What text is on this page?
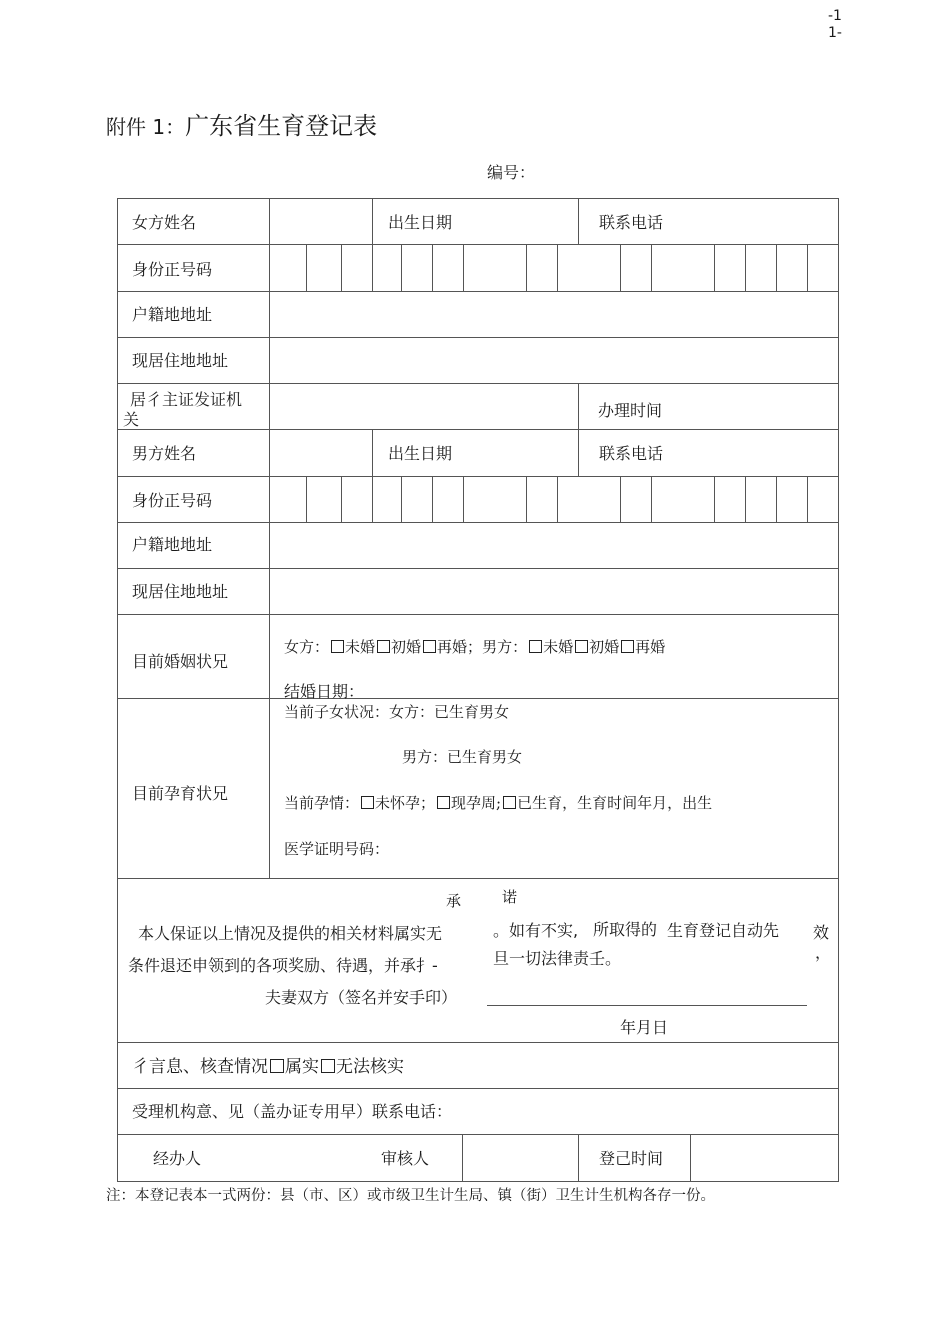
-1
1-
附件 1：广东省生育登记表
编号：
女方姓名	出生日期	联系电话
身份正号码
户籍地地址
现居住地地址
居彳主证发证机
关	办理时间
男方姓名	出生日期	联系电话
身份正号码
户籍地地址
现居住地地址
目前婚姻状兄
女方： 未婚 初婚 再婚；男方： 未婚 初婚 再婚
结婚日期：
目前孕育状兄
当前子女状况：女方：已生育男女
男方：已生育男女
当前孕情： 未怀孕； 现孕周; 已生育，生育时间年月，出生
医学证明号码：
承	诺
本人保证以上情况及提供的相关材料属实无	。如有不实, 所取得的 生育登记自动先 效
，
条件退还申领到的各项奖励、待遇，并承扌-	旦一切法律责壬。
夫妻双方（签名并安手印）
年月日
彳言息、核查情况 属实 无法核实
受理机构意、见（盖办证专用早）联系电话：
经办人	审核人	登己时间
注：本登记表本一式两份：县（市、区）或市级卫生计生局、镇（街）卫生计生机构各存一份。
